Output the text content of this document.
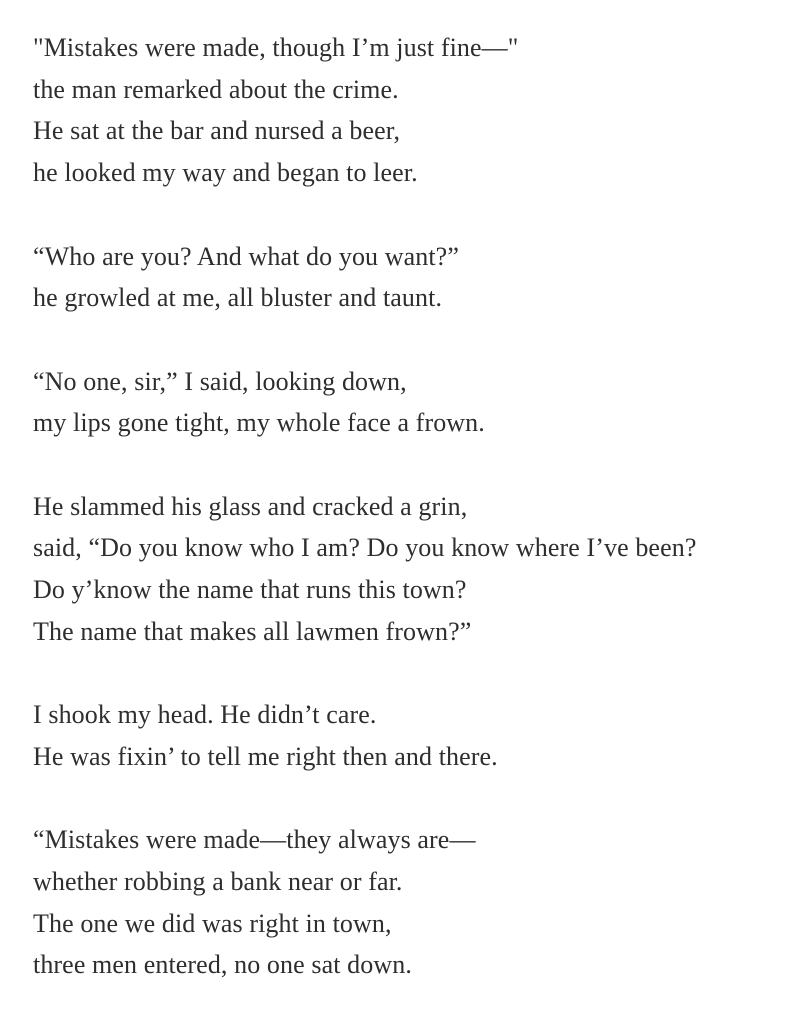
"Mistakes were made, though I’m just fine—"
the man remarked about the crime.
He sat at the bar and nursed a beer,
he looked my way and began to leer.
“Who are you? And what do you want?”
he growled at me, all bluster and taunt.
“No one, sir,” I said, looking down,
my lips gone tight, my whole face a frown.
He slammed his glass and cracked a grin,
said, “Do you know who I am? Do you know where I’ve been?
Do y’know the name that runs this town?
The name that makes all lawmen frown?”
I shook my head. He didn’t care.
He was fixin’ to tell me right then and there.
“Mistakes were made—they always are—
whether robbing a bank near or far.
The one we did was right in town,
three men entered, no one sat down.
